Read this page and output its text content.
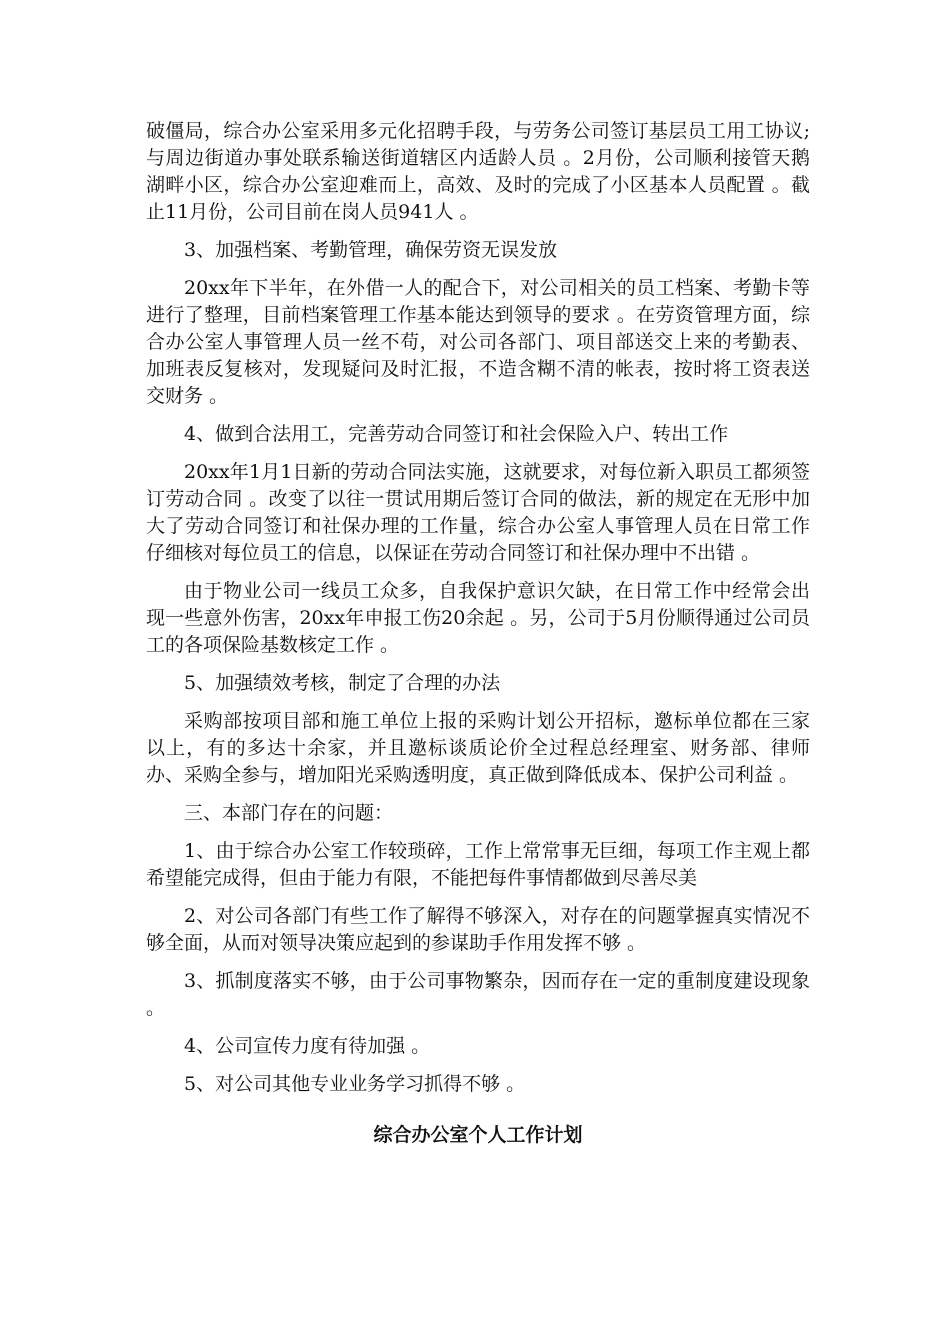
破僵局，综合办公室采用多元化招聘手段，与劳务公司签订基层员工用工协议;与周边街道办事处联系输送街道辖区内适龄人员 。2月份，公司顺利接管天鹅湖畔小区，综合办公室迎难而上，高效、及时的完成了小区基本人员配置 。截止11月份，公司目前在岗人员941人 。

3、加强档案、考勤管理，确保劳资无误发放

20xx年下半年，在外借一人的配合下，对公司相关的员工档案、考勤卡等进行了整理，目前档案管理工作基本能达到领导的要求 。在劳资管理方面，综合办公室人事管理人员一丝不苟，对公司各部门、项目部送交上来的考勤表、加班表反复核对，发现疑问及时汇报，不造含糊不清的帐表，按时将工资表送交财务 。

4、做到合法用工，完善劳动合同签订和社会保险入户、转出工作

20xx年1月1日新的劳动合同法实施，这就要求，对每位新入职员工都须签订劳动合同 。改变了以往一贯试用期后签订合同的做法，新的规定在无形中加大了劳动合同签订和社保办理的工作量，综合办公室人事管理人员在日常工作仔细核对每位员工的信息，以保证在劳动合同签订和社保办理中不出错 。

由于物业公司一线员工众多，自我保护意识欠缺，在日常工作中经常会出现一些意外伤害，20xx年申报工伤20余起 。另，公司于5月份顺得通过公司员工的各项保险基数核定工作 。

5、加强绩效考核，制定了合理的办法

采购部按项目部和施工单位上报的采购计划公开招标，邀标单位都在三家以上，有的多达十余家，并且邀标谈质论价全过程总经理室、财务部、律师办、采购全参与，增加阳光采购透明度，真正做到降低成本、保护公司利益 。

三、本部门存在的问题：

1、由于综合办公室工作较琐碎，工作上常常事无巨细，每项工作主观上都希望能完成得，但由于能力有限，不能把每件事情都做到尽善尽美

2、对公司各部门有些工作了解得不够深入，对存在的问题掌握真实情况不够全面，从而对领导决策应起到的参谋助手作用发挥不够 。

3、抓制度落实不够，由于公司事物繁杂，因而存在一定的重制度建设现象 。

4、公司宣传力度有待加强 。

5、对公司其他专业业务学习抓得不够 。

综合办公室个人工作计划
